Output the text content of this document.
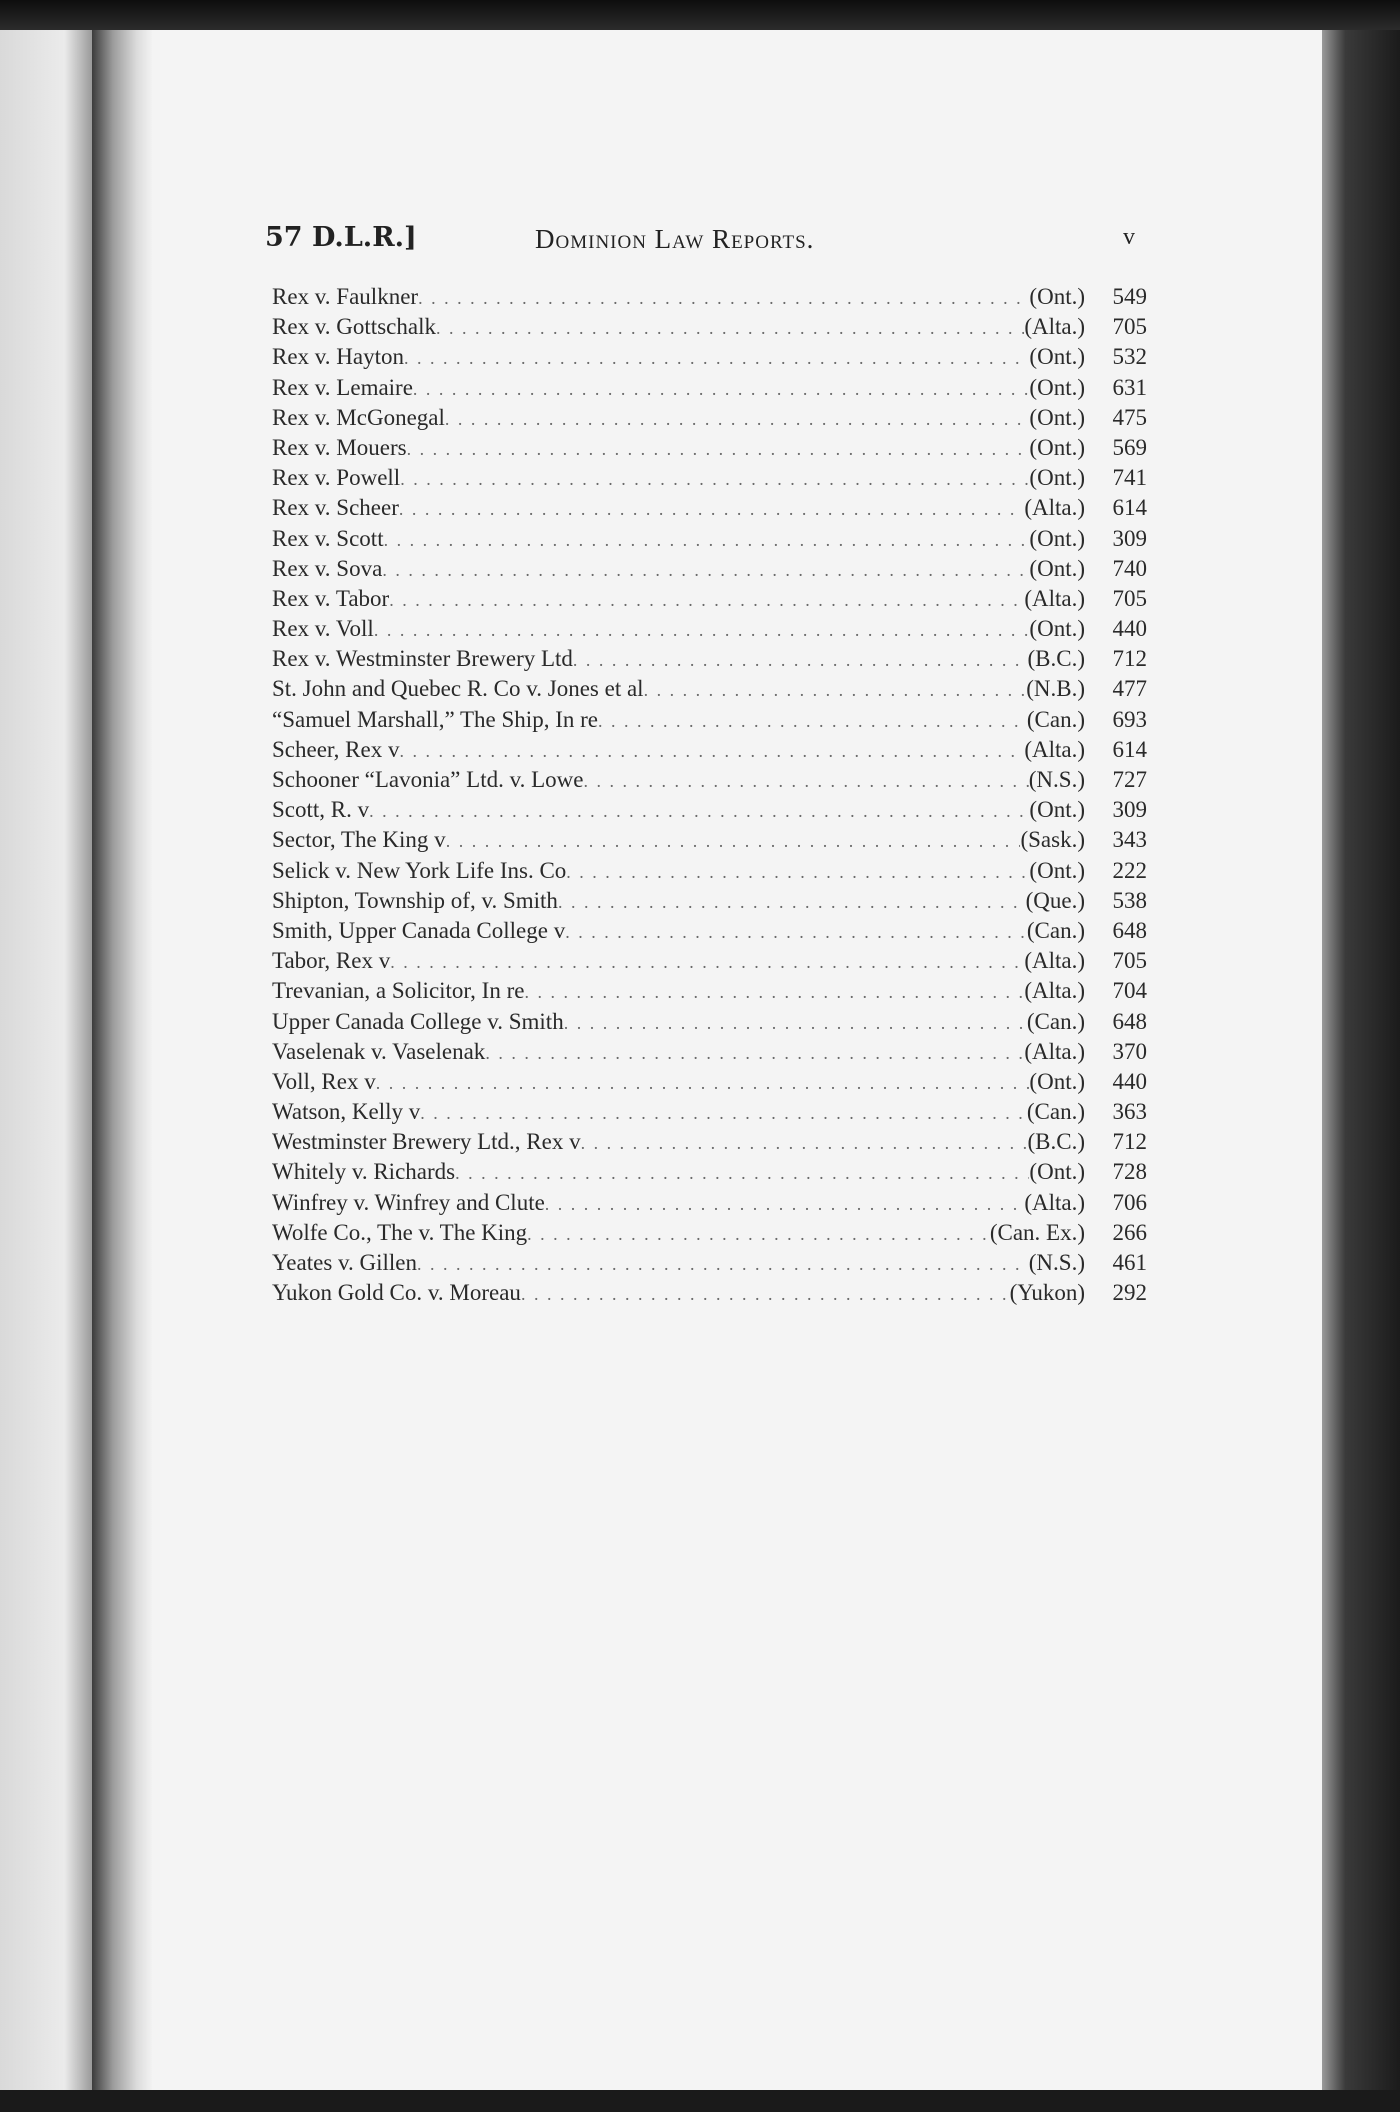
57 D.L.R.]	Dominion Law Reports.	v
Rex v. Faulkner . . .	(Ont.)	549
Rex v. Gottschalk . . .	(Alta.)	705
Rex v. Hayton . . .	(Ont.)	532
Rex v. Lemaire . . .	(Ont.)	631
Rex v. McGonegal . . .	(Ont.)	475
Rex v. Mouers . . .	(Ont.)	569
Rex v. Powell . . .	(Ont.)	741
Rex v. Scheer . . .	(Alta.)	614
Rex v. Scott . . .	(Ont.)	309
Rex v. Sova . . .	(Ont.)	740
Rex v. Tabor . . .	(Alta.)	705
Rex v. Voll . . .	(Ont.)	440
Rex v. Westminster Brewery Ltd . . .	(B.C.)	712
St. John and Quebec R. Co v. Jones et al . . .	(N.B.)	477
“Samuel Marshall,” The Ship, In re . . .	(Can.)	693
Scheer, Rex v . . .	(Alta.)	614
Schooner “Lavonia” Ltd. v. Lowe . . .	(N.S.)	727
Scott, R. v . . .	(Ont.)	309
Sector, The King v . . .	(Sask.)	343
Selick v. New York Life Ins. Co . . .	(Ont.)	222
Shipton, Township of, v. Smith . . .	(Que.)	538
Smith, Upper Canada College v . . .	(Can.)	648
Tabor, Rex v . . .	(Alta.)	705
Trevanian, a Solicitor, In re . . .	(Alta.)	704
Upper Canada College v. Smith . . .	(Can.)	648
Vaselenak v. Vaselenak . . .	(Alta.)	370
Voll, Rex v . . .	(Ont.)	440
Watson, Kelly v . . .	(Can.)	363
Westminster Brewery Ltd., Rex v . . .	(B.C.)	712
Whitely v. Richards . . .	(Ont.)	728
Winfrey v. Winfrey and Clute . . .	(Alta.)	706
Wolfe Co., The v. The King . . .	(Can. Ex.)	266
Yeates v. Gillen . . .	(N.S.)	461
Yukon Gold Co. v. Moreau . . .	(Yukon)	292
